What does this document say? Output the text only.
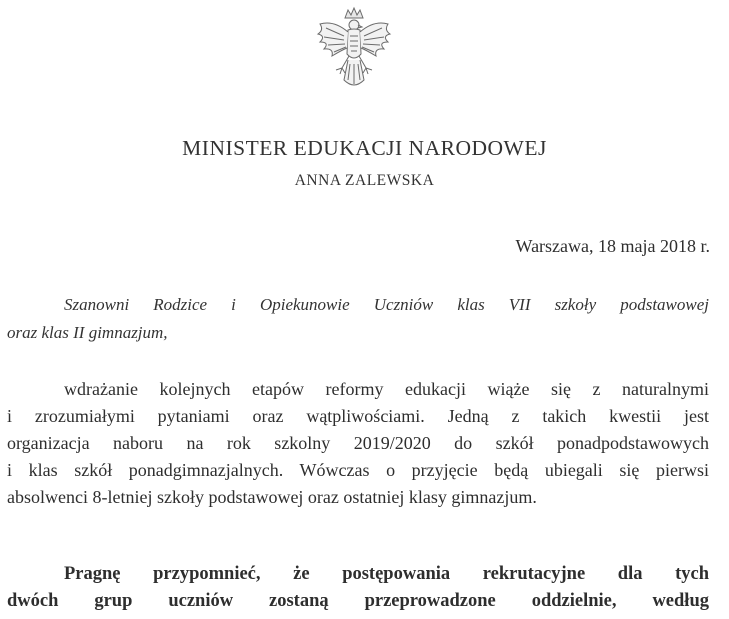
MINISTER EDUKACJI NARODOWEJ
ANNA ZALEWSKA
Warszawa, 18 maja 2018 r.
Szanowni Rodzice i Opiekunowie Uczniów klas VII szkoły podstawowej
oraz klas II gimnazjum,
wdrażanie kolejnych etapów reformy edukacji wiąże się z naturalnymi
i zrozumiałymi pytaniami oraz wątpliwościami. Jedną z takich kwestii jest
organizacja naboru na rok szkolny 2019/2020 do szkół ponadpodstawowych
i klas szkół ponadgimnazjalnych. Wówczas o przyjęcie będą ubiegali się pierwsi
absolwenci 8-letniej szkoły podstawowej oraz ostatniej klasy gimnazjum.
Pragnę przypomnieć, że postępowania rekrutacyjne dla tych
dwóch grup uczniów zostaną przeprowadzone oddzielnie, według
